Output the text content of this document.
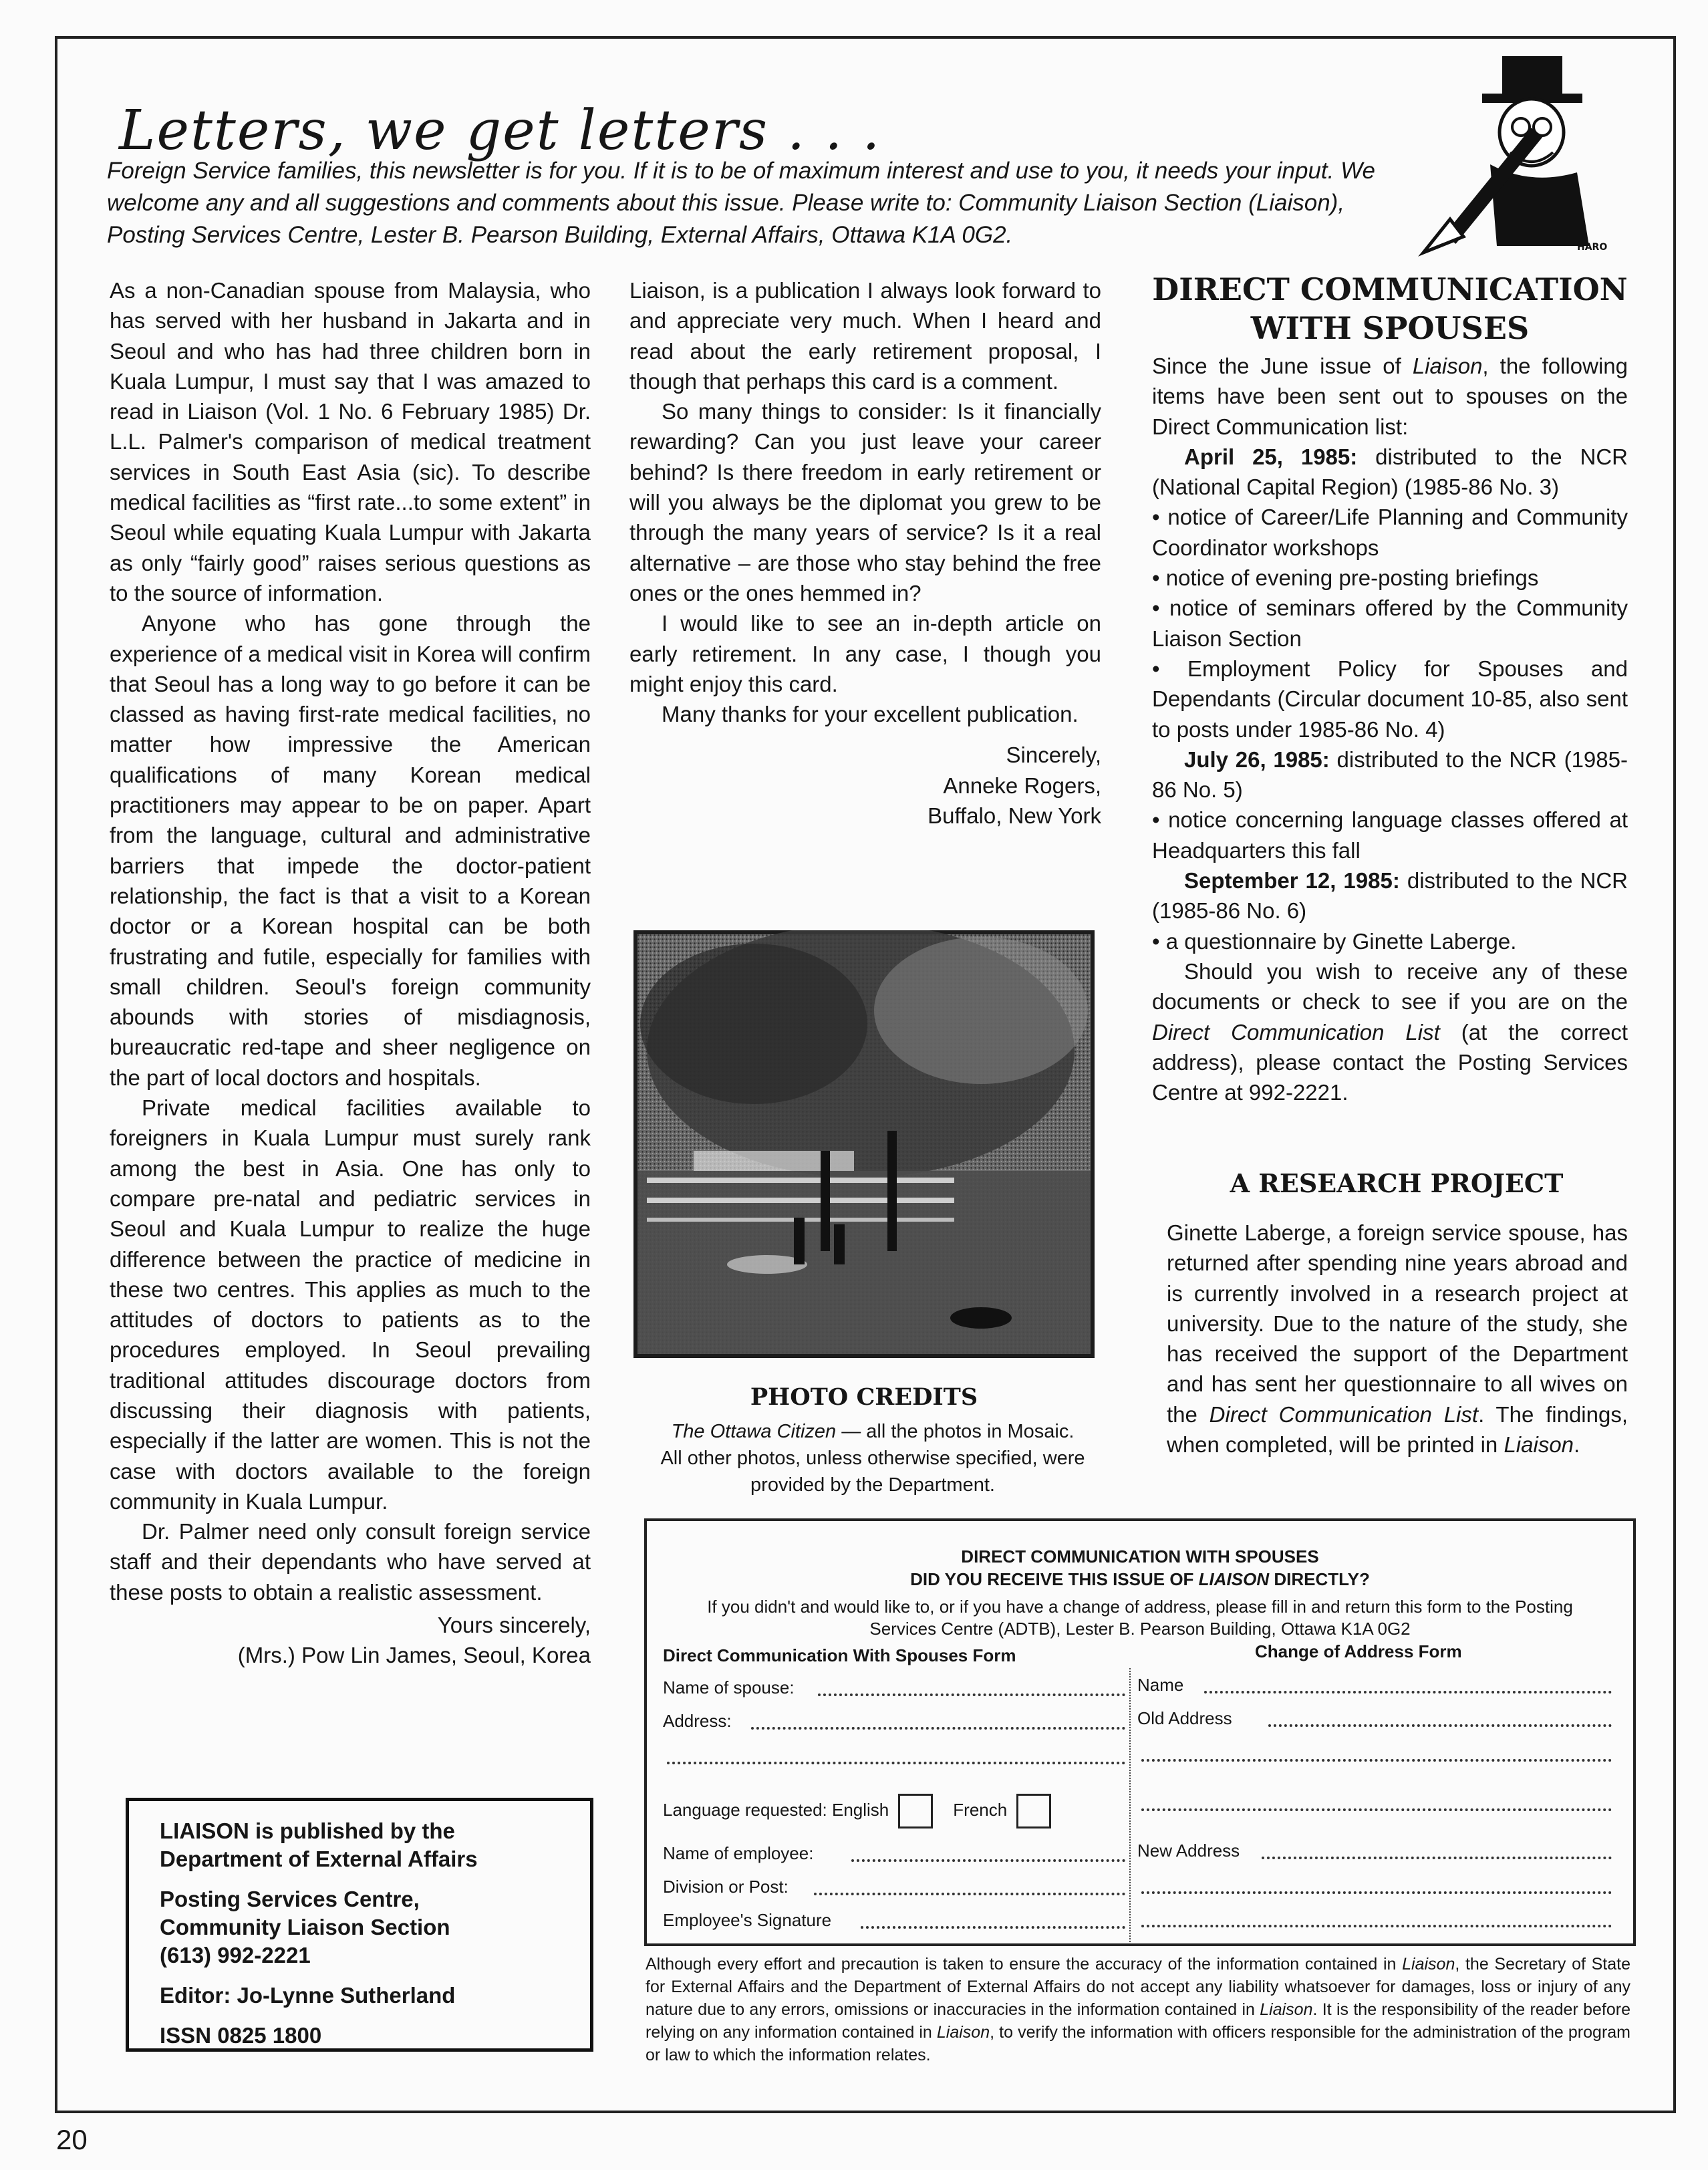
Letters, we get letters . . .
HARO
Foreign Service families, this newsletter is for you. If it is to be of maximum interest and use to you, it needs your input. We welcome any and all suggestions and comments about this issue. Please write to: Community Liaison Section (Liaison), Posting Services Centre, Lester B. Pearson Building, External Affairs, Ottawa K1A 0G2.

As a non-Canadian spouse from Malaysia, who has served with her husband in Jakarta and in Seoul and who has had three children born in Kuala Lumpur, I must say that I was amazed to read in Liaison (Vol. 1 No. 6 February 1985) Dr. L.L. Palmer's comparison of medical treatment services in South East Asia (sic). To describe medical facilities as “first rate...to some extent” in Seoul while equating Kuala Lumpur with Jakarta as only “fairly good” raises serious questions as to the source of information.

Anyone who has gone through the experience of a medical visit in Korea will confirm that Seoul has a long way to go before it can be classed as having first-rate medical facilities, no matter how impressive the American qualifications of many Korean medical practitioners may appear to be on paper. Apart from the language, cultural and administrative barriers that impede the doctor-patient relationship, the fact is that a visit to a Korean doctor or a Korean hospital can be both frustrating and futile, especially for families with small children. Seoul's foreign community abounds with stories of misdiagnosis, bureaucratic red-tape and sheer negligence on the part of local doctors and hospitals.

Private medical facilities available to foreigners in Kuala Lumpur must surely rank among the best in Asia. One has only to compare pre-natal and pediatric services in Seoul and Kuala Lumpur to realize the huge difference between the practice of medicine in these two centres. This applies as much to the attitudes of doctors to patients as to the procedures employed. In Seoul prevailing traditional attitudes discourage doctors from discussing their diagnosis with patients, especially if the latter are women. This is not the case with doctors available to the foreign community in Kuala Lumpur.

Dr. Palmer need only consult foreign service staff and their dependants who have served at these posts to obtain a realistic assessment.

Yours sincerely,

(Mrs.) Pow Lin James, Seoul, Korea

Liaison, is a publication I always look forward to and appreciate very much. When I heard and read about the early retirement proposal, I though that perhaps this card is a comment.

So many things to consider: Is it financially rewarding? Can you just leave your career behind? Is there freedom in early retirement or will you always be the diplomat you grew to be through the many years of service? Is it a real alternative – are those who stay behind the free ones or the ones hemmed in?

I would like to see an in-depth article on early retirement. In any case, I though you might enjoy this card.

Many thanks for your excellent publication.

Sincerely,

Anneke Rogers,

Buffalo, New York

PHOTO CREDITS
The Ottawa Citizen — all the photos in Mosaic.
All other photos, unless otherwise specified, were provided by the Department.
DIRECT COMMUNICATION WITH SPOUSES

Since the June issue of Liaison, the following items have been sent out to spouses on the Direct Communication list:

April 25, 1985: distributed to the NCR (National Capital Region) (1985-86 No. 3)

• notice of Career/Life Planning and Community Coordinator workshops

• notice of evening pre-posting briefings

• notice of seminars offered by the Community Liaison Section

• Employment Policy for Spouses and Dependants (Circular document 10-85, also sent to posts under 1985-86 No. 4)

July 26, 1985: distributed to the NCR (1985-86 No. 5)

• notice concerning language classes offered at Headquarters this fall

September 12, 1985: distributed to the NCR (1985-86 No. 6)

• a questionnaire by Ginette Laberge.

Should you wish to receive any of these documents or check to see if you are on the Direct Communication List (at the correct address), please contact the Posting Services Centre at 992-2221.

A RESEARCH PROJECT

Ginette Laberge, a foreign service spouse, has returned after spending nine years abroad and is currently involved in a research project at university. Due to the nature of the study, she has received the support of the Department and has sent her questionnaire to all wives on the Direct Communication List. The findings, when completed, will be printed in Liaison.

LIAISON is published by the
Department of External Affairs

Posting Services Centre,
Community Liaison Section
(613) 992-2221

Editor: Jo-Lynne Sutherland

ISSN 0825 1800

DIRECT COMMUNICATION WITH SPOUSES
DID YOU RECEIVE THIS ISSUE OF LIAISON DIRECTLY?
If you didn't and would like to, or if you have a change of address, please fill in and return this form to the Posting Services Centre (ADTB), Lester B. Pearson Building, Ottawa K1A 0G2
Direct Communication With Spouses Form	Change of Address Form
Name of spouse:
Address:
Language requested: English	French
Name of employee:
Division or Post:
Employee's Signature
Name
Old Address
New Address
Although every effort and precaution is taken to ensure the accuracy of the information contained in Liaison, the Secretary of State for External Affairs and the Department of External Affairs do not accept any liability whatsoever for damages, loss or injury of any nature due to any errors, omissions or inaccuracies in the information contained in Liaison. It is the responsibility of the reader before relying on any information contained in Liaison, to verify the information with officers responsible for the administration of the program or law to which the information relates.
20
